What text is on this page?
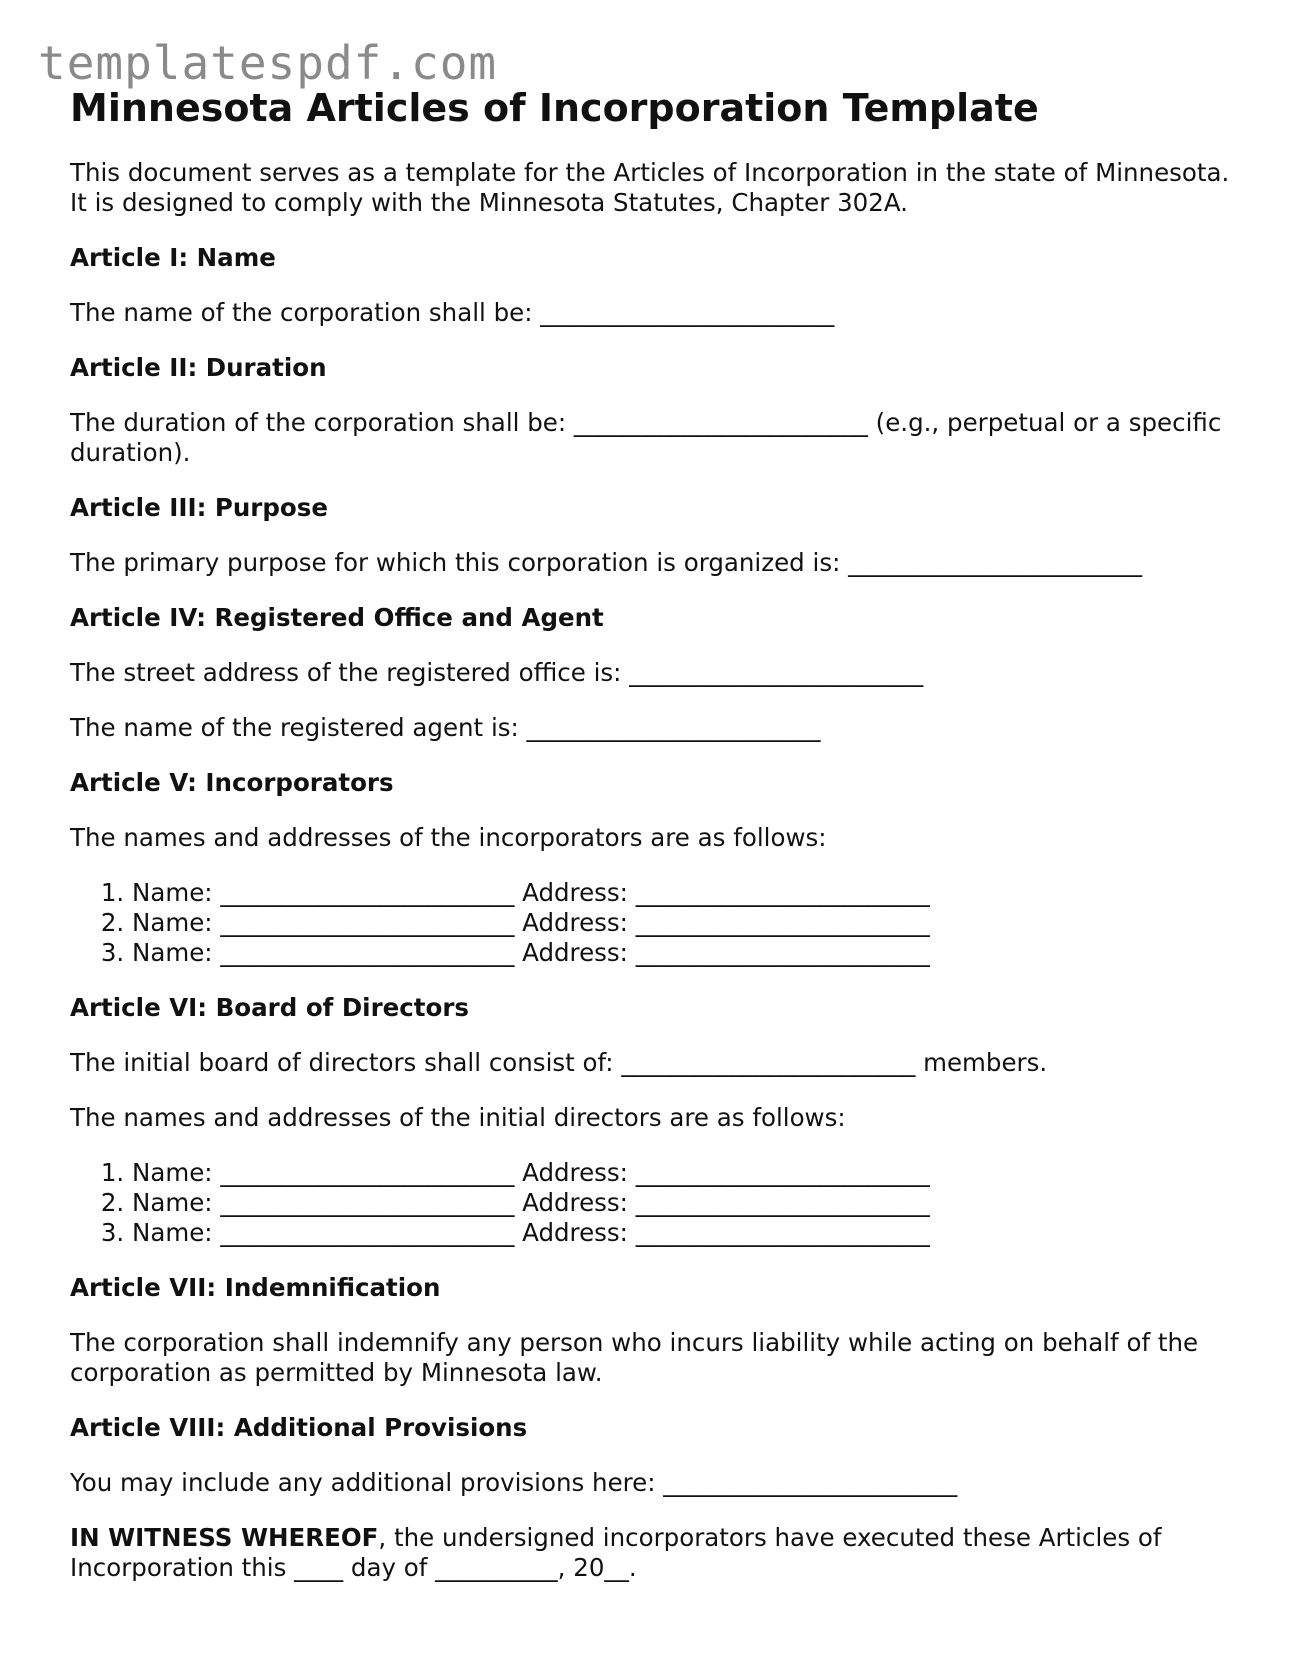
templatespdf.com
Minnesota Articles of Incorporation Template

This document serves as a template for the Articles of Incorporation in the state of Minnesota. It is designed to comply with the Minnesota Statutes, Chapter 302A.

Article I: Name

The name of the corporation shall be: ________________________

Article II: Duration

The duration of the corporation shall be: ________________________ (e.g., perpetual or a specific duration).

Article III: Purpose

The primary purpose for which this corporation is organized is: ________________________

Article IV: Registered Office and Agent

The street address of the registered office is: ________________________

The name of the registered agent is: ________________________

Article V: Incorporators

The names and addresses of the incorporators are as follows:

1. Name: ________________________ Address: ________________________
2. Name: ________________________ Address: ________________________
3. Name: ________________________ Address: ________________________
Article VI: Board of Directors

The initial board of directors shall consist of: ________________________ members.

The names and addresses of the initial directors are as follows:

1. Name: ________________________ Address: ________________________
2. Name: ________________________ Address: ________________________
3. Name: ________________________ Address: ________________________
Article VII: Indemnification

The corporation shall indemnify any person who incurs liability while acting on behalf of the corporation as permitted by Minnesota law.

Article VIII: Additional Provisions

You may include any additional provisions here: ________________________

IN WITNESS WHEREOF, the undersigned incorporators have executed these Articles of Incorporation this ____ day of __________, 20__.
